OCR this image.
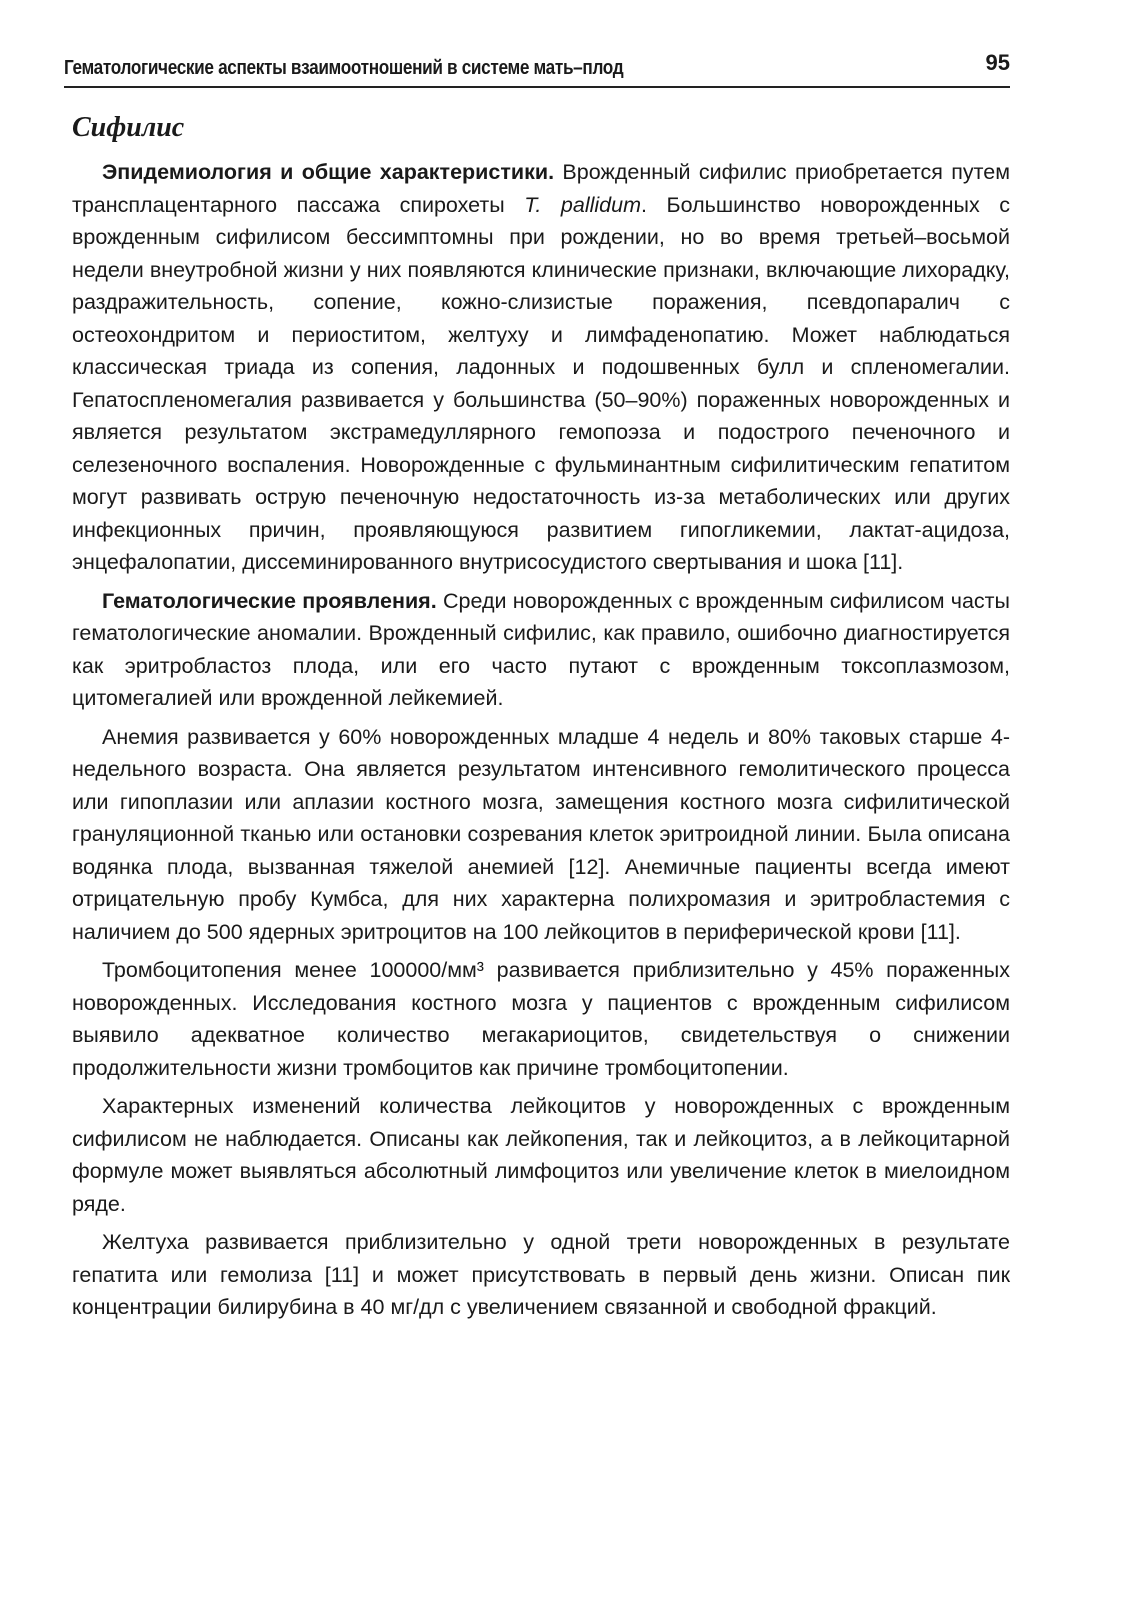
Гематологические аспекты взаимоотношений в системе мать–плод	95
Сифилис

Эпидемиология и общие характеристики. Врожденный сифилис приобретается путем трансплацентарного пассажа спирохеты T. pallidum. Большинство новорожденных с врожденным сифилисом бессимптомны при рождении, но во время третьей–восьмой недели внеутробной жизни у них появляются клинические признаки, включающие лихорадку, раздражительность, сопение, кожно-слизистые поражения, псевдопаралич с остеохондритом и периоститом, желтуху и лимфаденопатию. Может наблюдаться классическая триада из сопения, ладонных и подошвенных булл и спленомегалии. Гепатоспленомегалия развивается у большинства (50–90%) пораженных новорожденных и является результатом экстрамедуллярного гемопоэза и подострого печеночного и селезеночного воспаления. Новорожденные с фульминантным сифилитическим гепатитом могут развивать острую печеночную недостаточность из-за метаболических или других инфекционных причин, проявляющуюся развитием гипогликемии, лактат-ацидоза, энцефалопатии, диссеминированного внутрисосудистого свертывания и шока [11].

Гематологические проявления. Среди новорожденных с врожденным сифилисом часты гематологические аномалии. Врожденный сифилис, как правило, ошибочно диагностируется как эритробластоз плода, или его часто путают с врожденным токсоплазмозом, цитомегалией или врожденной лейкемией.

Анемия развивается у 60% новорожденных младше 4 недель и 80% таковых старше 4-недельного возраста. Она является результатом интенсивного гемолитического процесса или гипоплазии или аплазии костного мозга, замещения костного мозга сифилитической грануляционной тканью или остановки созревания клеток эритроидной линии. Была описана водянка плода, вызванная тяжелой анемией [12]. Анемичные пациенты всегда имеют отрицательную пробу Кумбса, для них характерна полихромазия и эритробластемия с наличием до 500 ядерных эритроцитов на 100 лейкоцитов в периферической крови [11].

Тромбоцитопения менее 100000/мм³ развивается приблизительно у 45% пораженных новорожденных. Исследования костного мозга у пациентов с врожденным сифилисом выявило адекватное количество мегакариоцитов, свидетельствуя о снижении продолжительности жизни тромбоцитов как причине тромбоцитопении.

Характерных изменений количества лейкоцитов у новорожденных с врожденным сифилисом не наблюдается. Описаны как лейкопения, так и лейкоцитоз, а в лейкоцитарной формуле может выявляться абсолютный лимфоцитоз или увеличение клеток в миелоидном ряде.

Желтуха развивается приблизительно у одной трети новорожденных в результате гепатита или гемолиза [11] и может присутствовать в первый день жизни. Описан пик концентрации билирубина в 40 мг/дл с увеличением связанной и свободной фракций.
